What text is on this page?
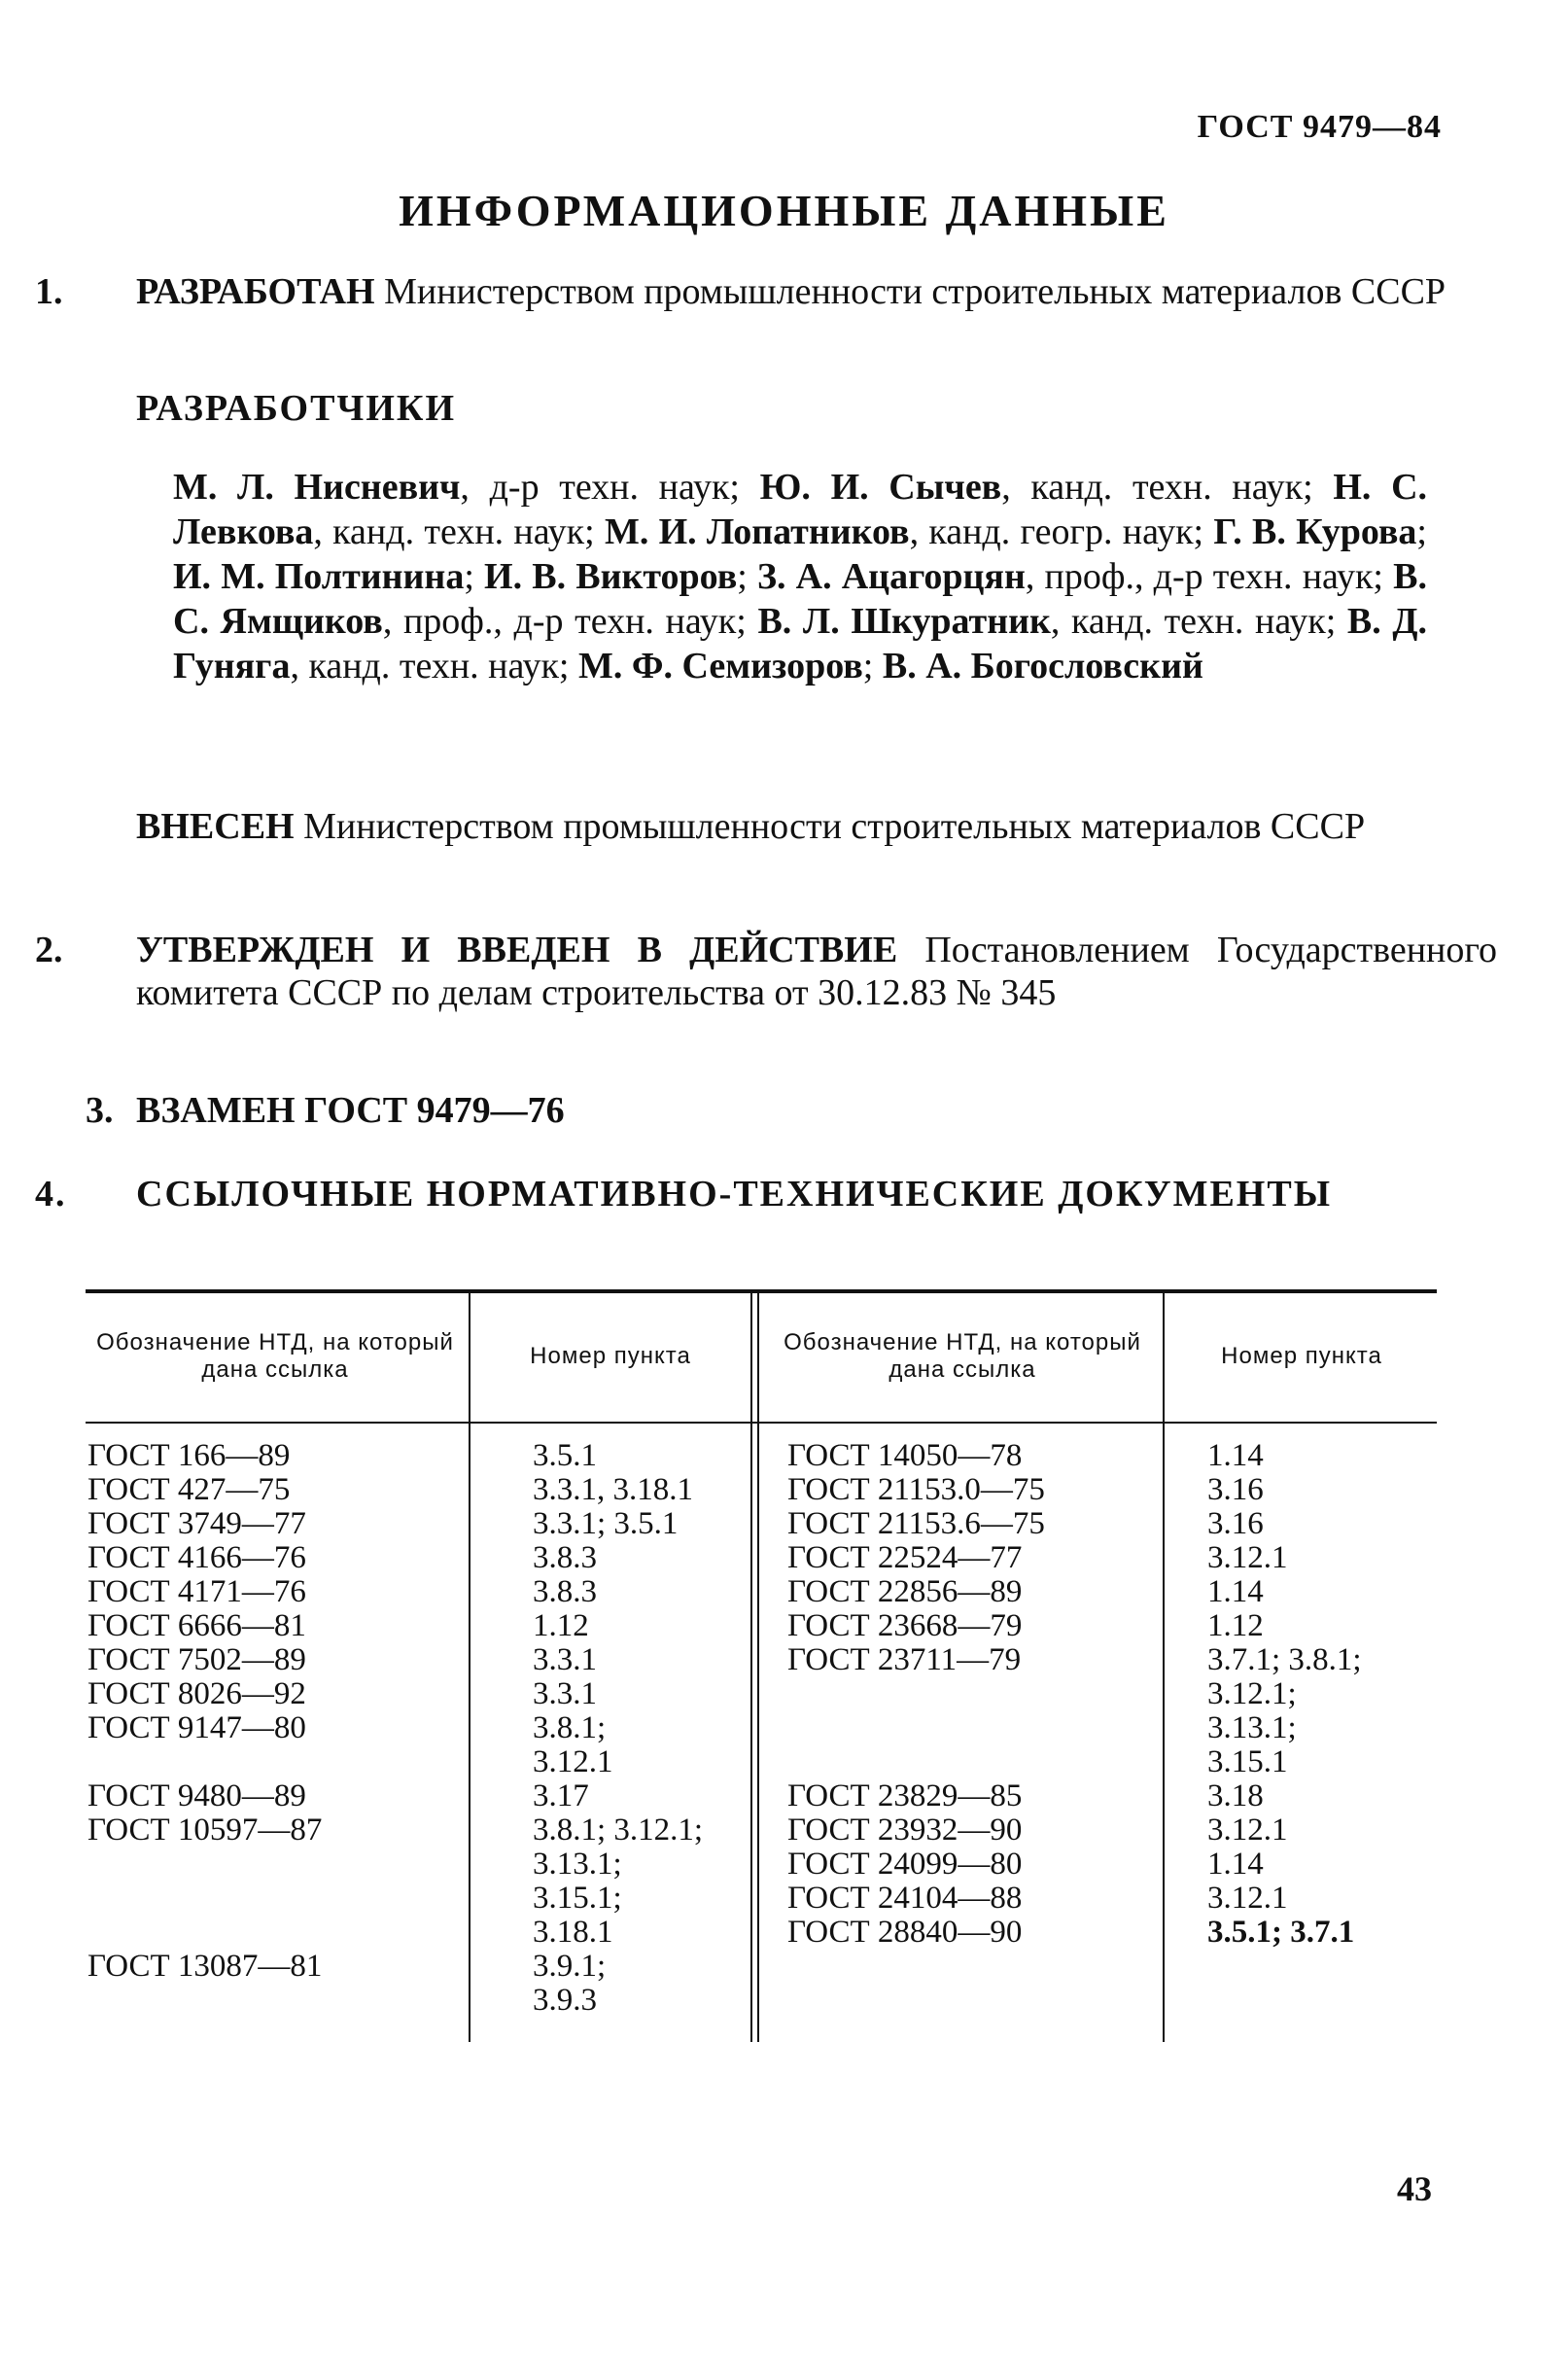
ГОСТ 9479—84
ИНФОРМАЦИОННЫЕ ДАННЫЕ
1. РАЗРАБОТАН Министерством промышленности строительных материалов СССР
РАЗРАБОТЧИКИ
М. Л. Нисневич, д-р техн. наук; Ю. И. Сычев, канд. техн. наук; Н. С. Левкова, канд. техн. наук; М. И. Лопатников, канд. геогр. наук; Г. В. Курова; И. М. Полтинина; И. В. Викторов; З. А. Ацагорцян, проф., д-р техн. наук; В. С. Ямщиков, проф., д-р техн. наук; В. Л. Шкуратник, канд. техн. наук; В. Д. Гуняга, канд. техн. наук; М. Ф. Семизоров; В. А. Богословский
ВНЕСЕН Министерством промышленности строительных материалов СССР
2. УТВЕРЖДЕН И ВВЕДЕН В ДЕЙСТВИЕ Постановлением Государственного комитета СССР по делам строительства от 30.12.83 № 345
3. ВЗАМЕН ГОСТ 9479—76
4. ССЫЛОЧНЫЕ НОРМАТИВНО-ТЕХНИЧЕСКИЕ ДОКУМЕНТЫ
Обозначение НТД, на который дана ссылка
Номер пункта
Обозначение НТД, на который дана ссылка
Номер пункта
ГОСТ 166—89
ГОСТ 427—75
ГОСТ 3749—77
ГОСТ 4166—76
ГОСТ 4171—76
ГОСТ 6666—81
ГОСТ 7502—89
ГОСТ 8026—92
ГОСТ 9147—80
ГОСТ 9480—89
ГОСТ 10597—87
ГОСТ 13087—81
3.5.1
3.3.1, 3.18.1
3.3.1; 3.5.1
3.8.3
3.8.3
1.12
3.3.1
3.3.1
3.8.1;
3.12.1
3.17
3.8.1; 3.12.1;
3.13.1;
3.15.1;
3.18.1
3.9.1;
3.9.3
ГОСТ 14050—78
ГОСТ 21153.0—75
ГОСТ 21153.6—75
ГОСТ 22524—77
ГОСТ 22856—89
ГОСТ 23668—79
ГОСТ 23711—79
ГОСТ 23829—85
ГОСТ 23932—90
ГОСТ 24099—80
ГОСТ 24104—88
ГОСТ 28840—90
1.14
3.16
3.16
3.12.1
1.14
1.12
3.7.1; 3.8.1;
3.12.1;
3.13.1;
3.15.1
3.18
3.12.1
1.14
3.12.1
3.5.1; 3.7.1
43
